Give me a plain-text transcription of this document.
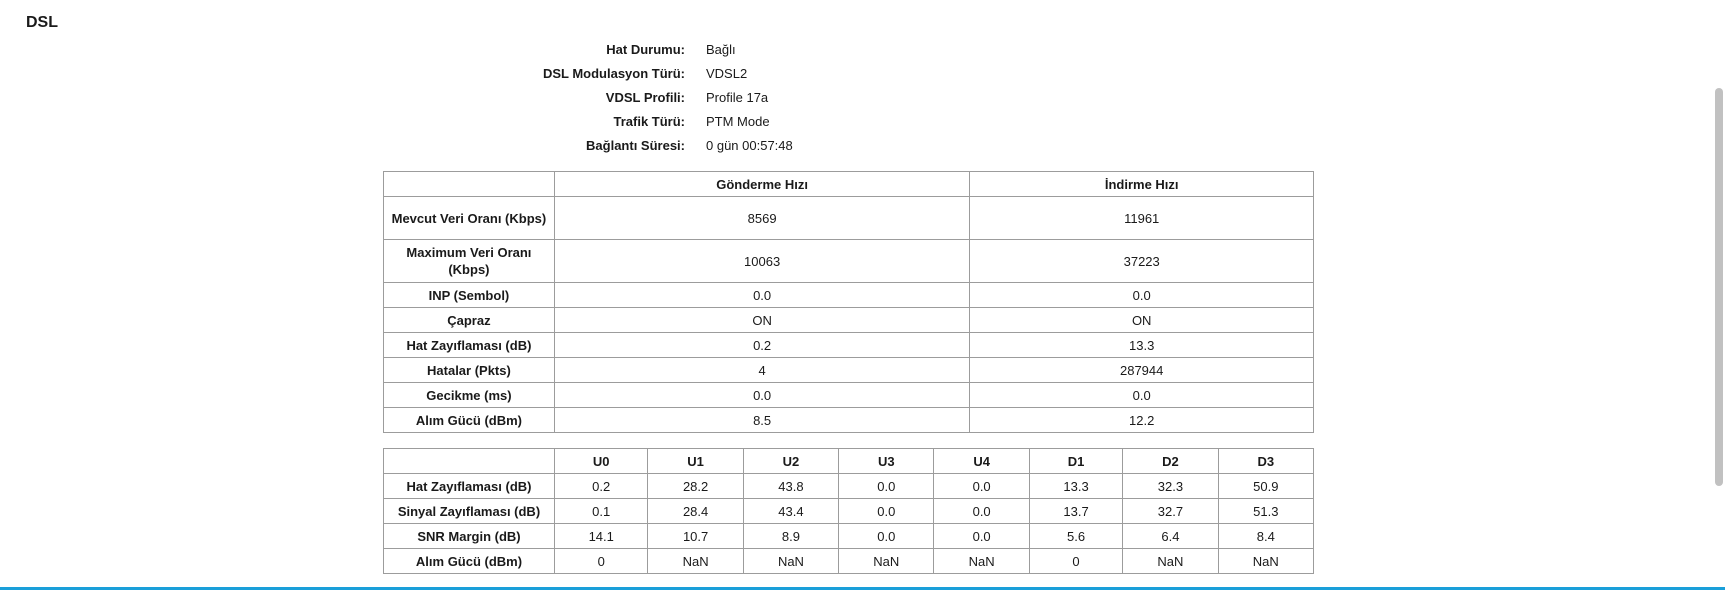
DSL
Hat Durumu:	Bağlı
DSL Modulasyon Türü:	VDSL2
VDSL Profili:	Profile 17a
Trafik Türü:	PTM Mode
Bağlantı Süresi:	0 gün 00:57:48
	Gönderme Hızı	İndirme Hızı
Mevcut Veri Oranı (Kbps)	8569	11961
Maximum Veri Oranı (Kbps)	10063	37223
INP (Sembol)	0.0	0.0
Çapraz	ON	ON
Hat Zayıflaması (dB)	0.2	13.3
Hatalar (Pkts)	4	287944
Gecikme (ms)	0.0	0.0
Alım Gücü (dBm)	8.5	12.2
	U0	U1	U2	U3	U4	D1	D2	D3
Hat Zayıflaması (dB)	0.2	28.2	43.8	0.0	0.0	13.3	32.3	50.9
Sinyal Zayıflaması (dB)	0.1	28.4	43.4	0.0	0.0	13.7	32.7	51.3
SNR Margin (dB)	14.1	10.7	8.9	0.0	0.0	5.6	6.4	8.4
Alım Gücü (dBm)	0	NaN	NaN	NaN	NaN	0	NaN	NaN
